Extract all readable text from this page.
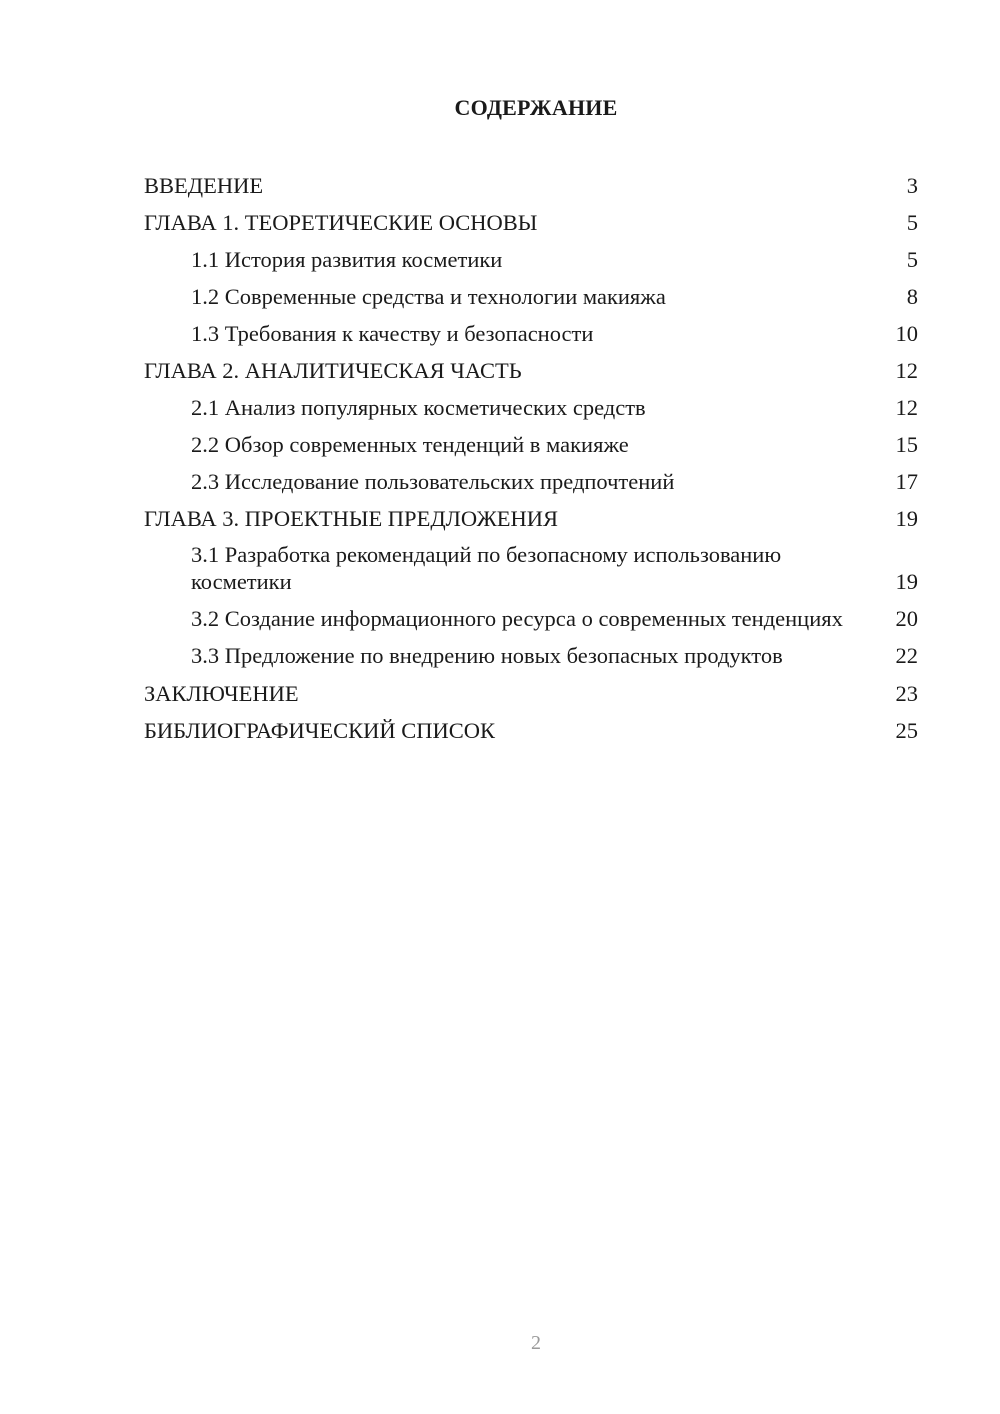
СОДЕРЖАНИЕ
ВВЕДЕНИЕ	3
ГЛАВА 1. ТЕОРЕТИЧЕСКИЕ ОСНОВЫ	5
1.1 История развития косметики	5
1.2 Современные средства и технологии макияжа	8
1.3 Требования к качеству и безопасности	10
ГЛАВА 2. АНАЛИТИЧЕСКАЯ ЧАСТЬ	12
2.1 Анализ популярных косметических средств	12
2.2 Обзор современных тенденций в макияже	15
2.3 Исследование пользовательских предпочтений	17
ГЛАВА 3. ПРОЕКТНЫЕ ПРЕДЛОЖЕНИЯ	19
3.1 Разработка рекомендаций по безопасному использованию косметики	19
3.2 Создание информационного ресурса о современных тенденциях 20
3.3 Предложение по внедрению новых безопасных продуктов	22
ЗАКЛЮЧЕНИЕ	23
БИБЛИОГРАФИЧЕСКИЙ СПИСОК	25
2
